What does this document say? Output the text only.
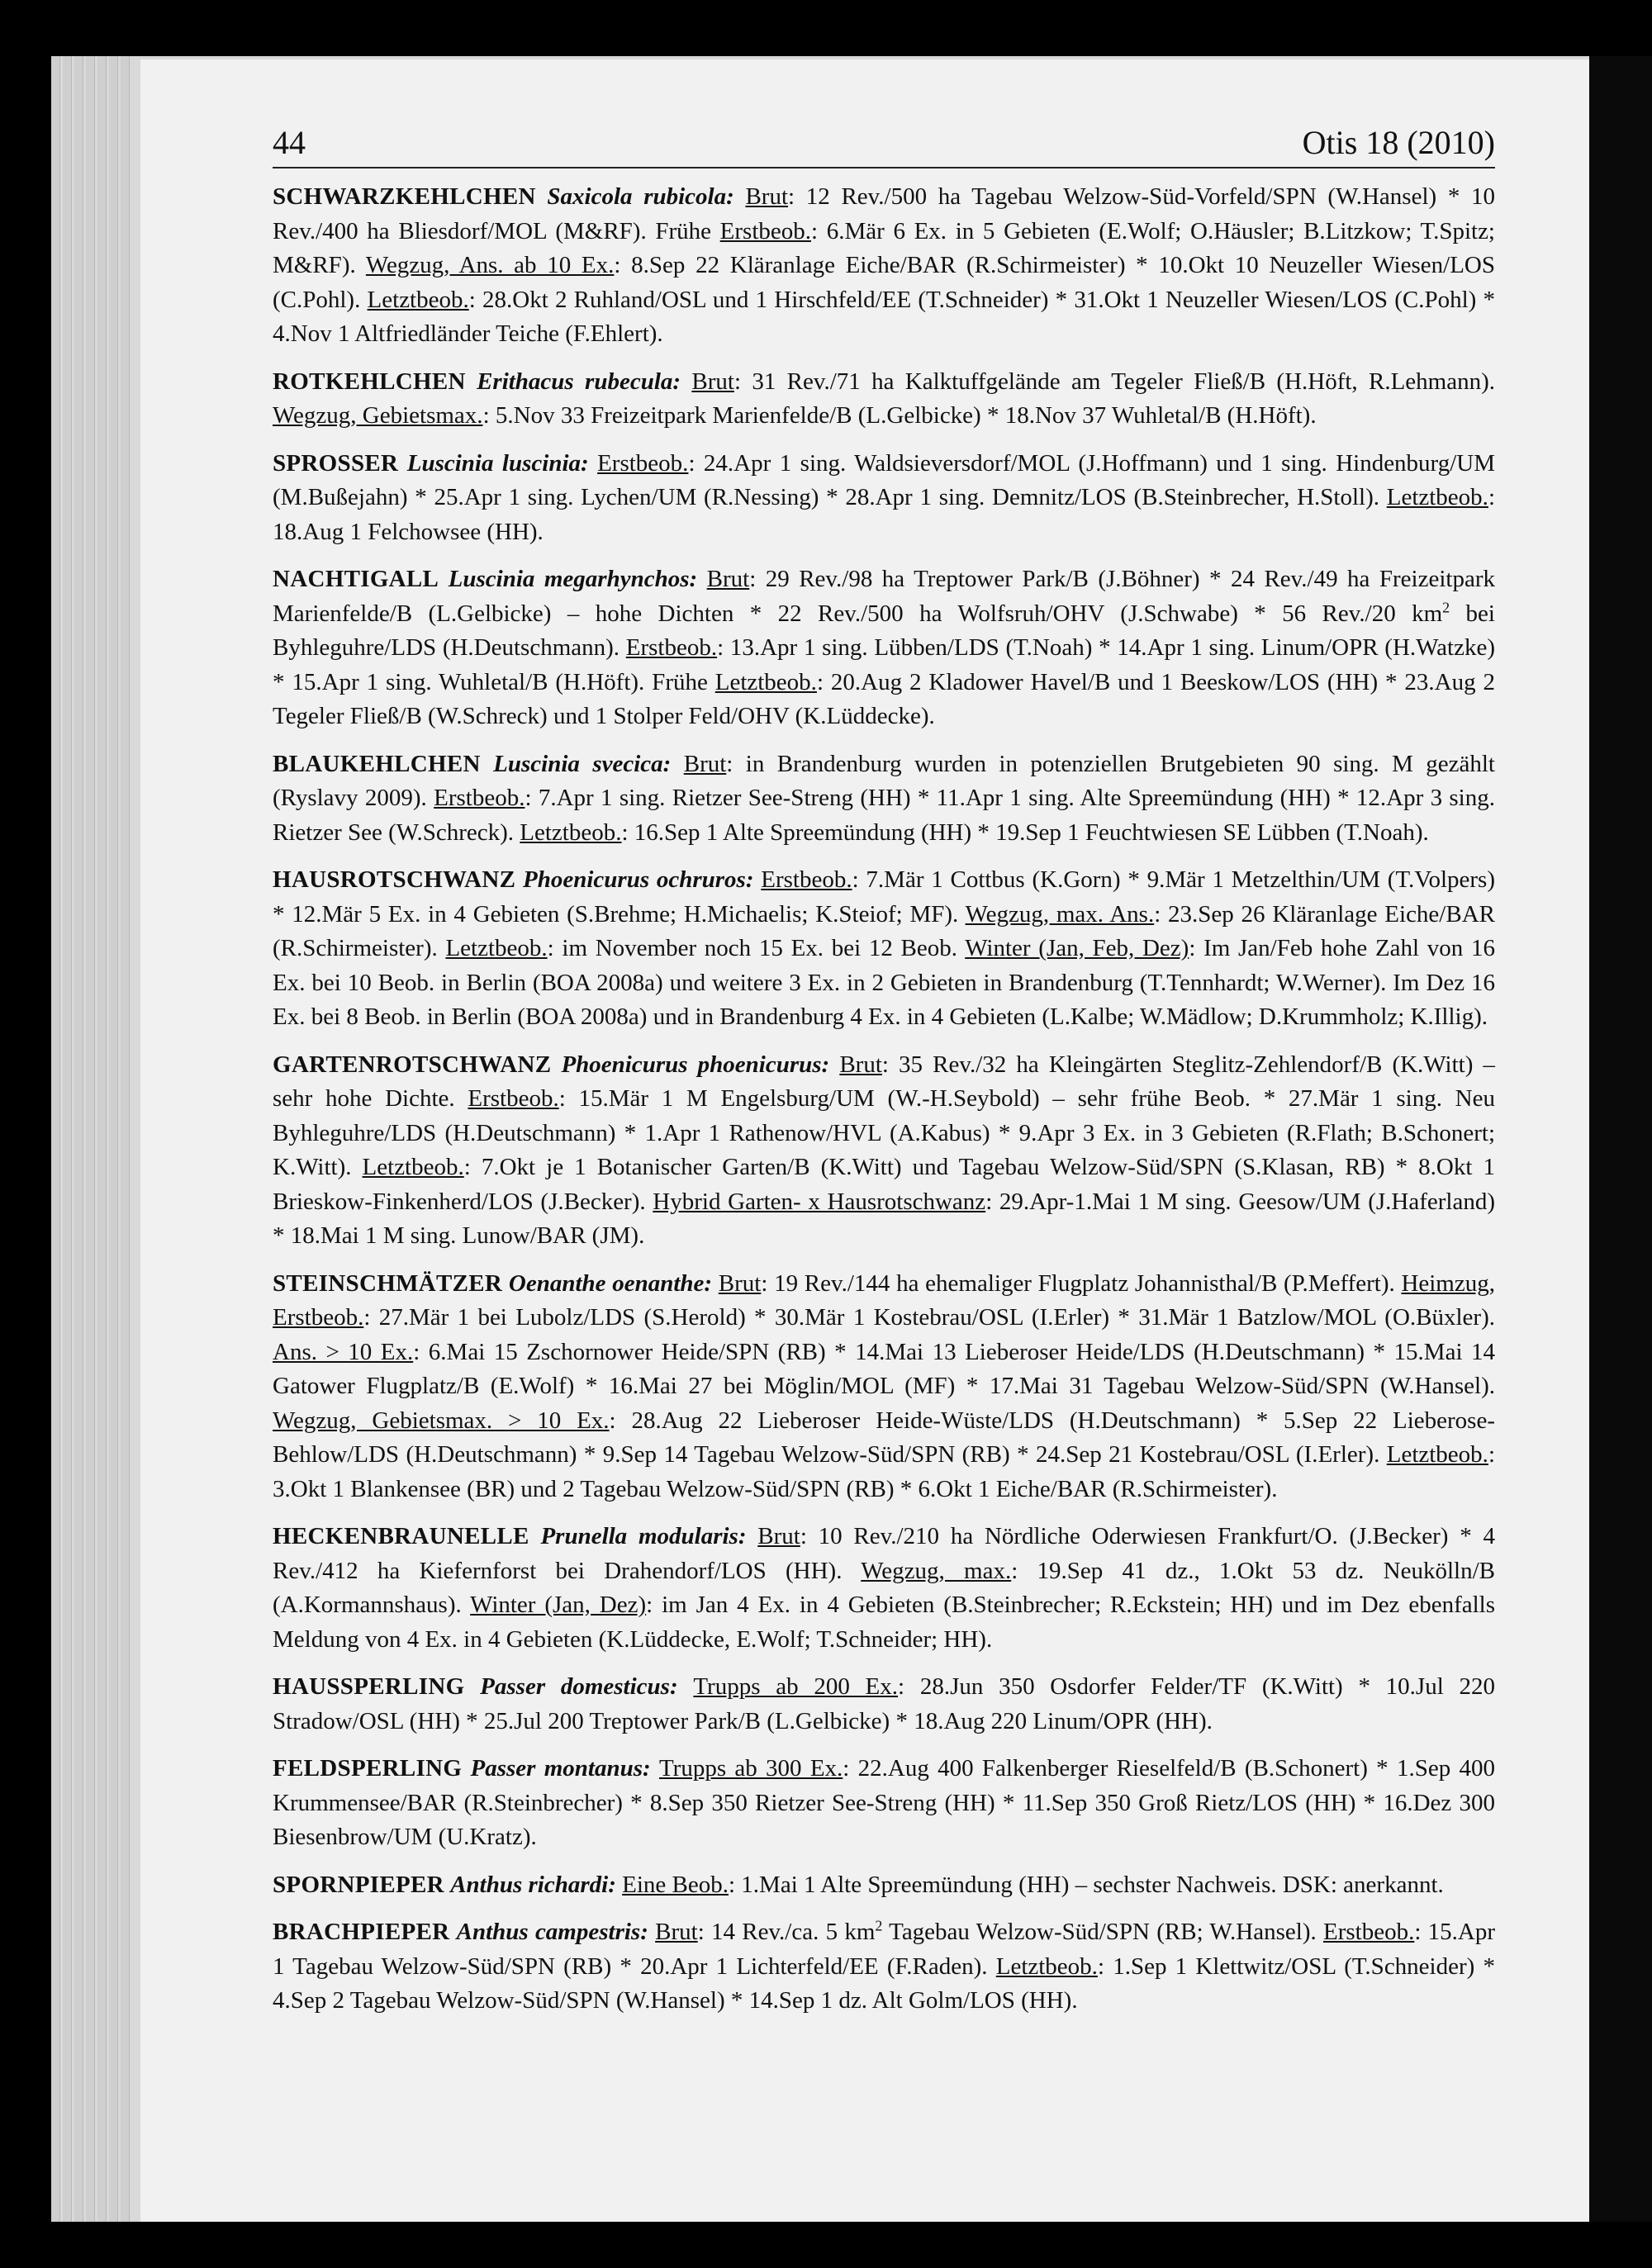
44	Otis 18 (2010)

SCHWARZKEHLCHEN Saxicola rubicola: Brut: 12 Rev./500 ha Tagebau Welzow-Süd-Vorfeld/SPN (W.Hansel) * 10 Rev./400 ha Bliesdorf/MOL (M&RF). Frühe Erstbeob.: 6.Mär 6 Ex. in 5 Gebieten (E.Wolf; O.Häusler; B.Litzkow; T.Spitz; M&RF). Wegzug, Ans. ab 10 Ex.: 8.Sep 22 Kläranlage Eiche/BAR (R.Schirmeister) * 10.Okt 10 Neuzeller Wiesen/LOS (C.Pohl). Letztbeob.: 28.Okt 2 Ruhland/OSL und 1 Hirschfeld/EE (T.Schneider) * 31.Okt 1 Neuzeller Wiesen/LOS (C.Pohl) * 4.Nov 1 Altfriedländer Teiche (F.Ehlert).

ROTKEHLCHEN Erithacus rubecula: Brut: 31 Rev./71 ha Kalktuffgelände am Tegeler Fließ/B (H.Höft, R.Lehmann). Wegzug, Gebietsmax.: 5.Nov 33 Freizeitpark Marienfelde/B (L.Gelbicke) * 18.Nov 37 Wuhletal/B (H.Höft).

SPROSSER Luscinia luscinia: Erstbeob.: 24.Apr 1 sing. Waldsieversdorf/MOL (J.Hoffmann) und 1 sing. Hindenburg/UM (M.Bußejahn) * 25.Apr 1 sing. Lychen/UM (R.Nessing) * 28.Apr 1 sing. Demnitz/LOS (B.Steinbrecher, H.Stoll). Letztbeob.: 18.Aug 1 Felchowsee (HH).

NACHTIGALL Luscinia megarhynchos: Brut: 29 Rev./98 ha Treptower Park/B (J.Böhner) * 24 Rev./49 ha Freizeitpark Marienfelde/B (L.Gelbicke) – hohe Dichten * 22 Rev./500 ha Wolfsruh/OHV (J.Schwabe) * 56 Rev./20 $km^2$ bei Byhleguhre/LDS (H.Deutschmann). Erstbeob.: 13.Apr 1 sing. Lübben/LDS (T.Noah) * 14.Apr 1 sing. Linum/OPR (H.Watzke) * 15.Apr 1 sing. Wuhletal/B (H.Höft). Frühe Letztbeob.: 20.Aug 2 Kladower Havel/B und 1 Beeskow/LOS (HH) * 23.Aug 2 Tegeler Fließ/B (W.Schreck) und 1 Stolper Feld/OHV (K.Lüddecke).

BLAUKEHLCHEN Luscinia svecica: Brut: in Brandenburg wurden in potenziellen Brutgebieten 90 sing. M gezählt (Ryslavy 2009). Erstbeob.: 7.Apr 1 sing. Rietzer See-Streng (HH) * 11.Apr 1 sing. Alte Spreemündung (HH) * 12.Apr 3 sing. Rietzer See (W.Schreck). Letztbeob.: 16.Sep 1 Alte Spreemündung (HH) * 19.Sep 1 Feuchtwiesen SE Lübben (T.Noah).

HAUSROTSCHWANZ Phoenicurus ochruros: Erstbeob.: 7.Mär 1 Cottbus (K.Gorn) * 9.Mär 1 Metzelthin/UM (T.Volpers) * 12.Mär 5 Ex. in 4 Gebieten (S.Brehme; H.Michaelis; K.Steiof; MF). Wegzug, max. Ans.: 23.Sep 26 Kläranlage Eiche/BAR (R.Schirmeister). Letztbeob.: im November noch 15 Ex. bei 12 Beob. Winter (Jan, Feb, Dez): Im Jan/Feb hohe Zahl von 16 Ex. bei 10 Beob. in Berlin (BOA 2008a) und weitere 3 Ex. in 2 Gebieten in Brandenburg (T.Tennhardt; W.Werner). Im Dez 16 Ex. bei 8 Beob. in Berlin (BOA 2008a) und in Brandenburg 4 Ex. in 4 Gebieten (L.Kalbe; W.Mädlow; D.Krummholz; K.Illig).

GARTENROTSCHWANZ Phoenicurus phoenicurus: Brut: 35 Rev./32 ha Kleingärten Steglitz-Zehlendorf/B (K.Witt) – sehr hohe Dichte. Erstbeob.: 15.Mär 1 M Engelsburg/UM (W.-H.Seybold) – sehr frühe Beob. * 27.Mär 1 sing. Neu Byhleguhre/LDS (H.Deutschmann) * 1.Apr 1 Rathenow/HVL (A.Kabus) * 9.Apr 3 Ex. in 3 Gebieten (R.Flath; B.Schonert; K.Witt). Letztbeob.: 7.Okt je 1 Botanischer Garten/B (K.Witt) und Tagebau Welzow-Süd/SPN (S.Klasan, RB) * 8.Okt 1 Brieskow-Finkenherd/LOS (J.Becker). Hybrid Garten- x Hausrotschwanz: 29.Apr-1.Mai 1 M sing. Geesow/UM (J.Haferland) * 18.Mai 1 M sing. Lunow/BAR (JM).

STEINSCHMÄTZER Oenanthe oenanthe: Brut: 19 Rev./144 ha ehemaliger Flugplatz Johannisthal/B (P.Meffert). Heimzug, Erstbeob.: 27.Mär 1 bei Lubolz/LDS (S.Herold) * 30.Mär 1 Kostebrau/OSL (I.Erler) * 31.Mär 1 Batzlow/MOL (O.Büxler). Ans. > 10 Ex.: 6.Mai 15 Zschornower Heide/SPN (RB) * 14.Mai 13 Lieberoser Heide/LDS (H.Deutschmann) * 15.Mai 14 Gatower Flugplatz/B (E.Wolf) * 16.Mai 27 bei Möglin/MOL (MF) * 17.Mai 31 Tagebau Welzow-Süd/SPN (W.Hansel). Wegzug, Gebietsmax. > 10 Ex.: 28.Aug 22 Lieberoser Heide-Wüste/LDS (H.Deutschmann) * 5.Sep 22 Lieberose-Behlow/LDS (H.Deutschmann) * 9.Sep 14 Tagebau Welzow-Süd/SPN (RB) * 24.Sep 21 Kostebrau/OSL (I.Erler). Letztbeob.: 3.Okt 1 Blankensee (BR) und 2 Tagebau Welzow-Süd/SPN (RB) * 6.Okt 1 Eiche/BAR (R.Schirmeister).

HECKENBRAUNELLE Prunella modularis: Brut: 10 Rev./210 ha Nördliche Oderwiesen Frankfurt/O. (J.Becker) * 4 Rev./412 ha Kiefernforst bei Drahendorf/LOS (HH). Wegzug, max.: 19.Sep 41 dz., 1.Okt 53 dz. Neukölln/B (A.Kormannshaus). Winter (Jan, Dez): im Jan 4 Ex. in 4 Gebieten (B.Steinbrecher; R.Eckstein; HH) und im Dez ebenfalls Meldung von 4 Ex. in 4 Gebieten (K.Lüddecke, E.Wolf; T.Schneider; HH).

HAUSSPERLING Passer domesticus: Trupps ab 200 Ex.: 28.Jun 350 Osdorfer Felder/TF (K.Witt) * 10.Jul 220 Stradow/OSL (HH) * 25.Jul 200 Treptower Park/B (L.Gelbicke) * 18.Aug 220 Linum/OPR (HH).

FELDSPERLING Passer montanus: Trupps ab 300 Ex.: 22.Aug 400 Falkenberger Rieselfeld/B (B.Schonert) * 1.Sep 400 Krummensee/BAR (R.Steinbrecher) * 8.Sep 350 Rietzer See-Streng (HH) * 11.Sep 350 Groß Rietz/LOS (HH) * 16.Dez 300 Biesenbrow/UM (U.Kratz).

SPORNPIEPER Anthus richardi: Eine Beob.: 1.Mai 1 Alte Spreemündung (HH) – sechster Nachweis. DSK: anerkannt.

BRACHPIEPER Anthus campestris: Brut: 14 Rev./ca. 5 $km^2$ Tagebau Welzow-Süd/SPN (RB; W.Hansel). Erstbeob.: 15.Apr 1 Tagebau Welzow-Süd/SPN (RB) * 20.Apr 1 Lichterfeld/EE (F.Raden). Letztbeob.: 1.Sep 1 Klettwitz/OSL (T.Schneider) * 4.Sep 2 Tagebau Welzow-Süd/SPN (W.Hansel) * 14.Sep 1 dz. Alt Golm/LOS (HH).
